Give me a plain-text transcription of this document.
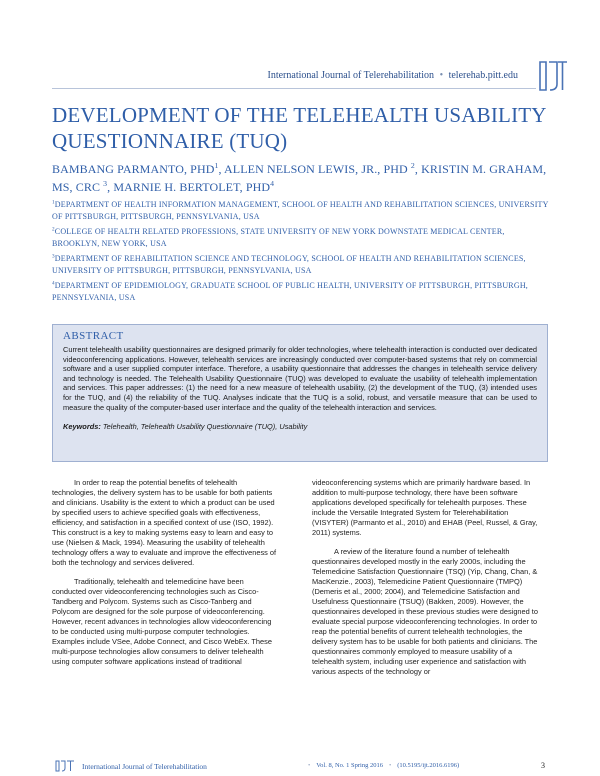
International Journal of Telerehabilitation • telerehab.pitt.edu
DEVELOPMENT OF THE TELEHEALTH USABILITY QUESTIONNAIRE (TUQ)
BAMBANG PARMANTO, PHD$^1$, ALLEN NELSON LEWIS, JR., PHD $^2$, KRISTIN M. GRAHAM, MS, CRC $^3$, MARNIE H. BERTOLET, PHD$^4$
$^1$DEPARTMENT OF HEALTH INFORMATION MANAGEMENT, SCHOOL OF HEALTH AND REHABILITATION SCIENCES, UNIVERSITY OF PITTSBURGH, PITTSBURGH, PENNSYLVANIA, USA
$^2$COLLEGE OF HEALTH RELATED PROFESSIONS, STATE UNIVERSITY OF NEW YORK DOWNSTATE MEDICAL CENTER, BROOKLYN, NEW YORK, USA
$^3$DEPARTMENT OF REHABILITATION SCIENCE AND TECHNOLOGY, SCHOOL OF HEALTH AND REHABILITATION SCIENCES, UNIVERSITY OF PITTSBURGH, PITTSBURGH, PENNSYLVANIA, USA
$^4$DEPARTMENT OF EPIDEMIOLOGY, GRADUATE SCHOOL OF PUBLIC HEALTH, UNIVERSITY OF PITTSBURGH, PITTSBURGH, PENNSYLVANIA, USA
ABSTRACT
Current telehealth usability questionnaires are designed primarily for older technologies, where telehealth interaction is conducted over dedicated videoconferencing applications. However, telehealth services are increasingly conducted over computer-based systems that rely on commercial software and a user supplied computer interface. Therefore, a usability questionnaire that addresses the changes in telehealth service delivery and technology is needed. The Telehealth Usability Questionnaire (TUQ) was developed to evaluate the usability of telehealth implementation and services. This paper addresses: (1) the need for a new measure of telehealth usability, (2) the development of the TUQ, (3) intended uses for the TUQ, and (4) the reliability of the TUQ. Analyses indicate that the TUQ is a solid, robust, and versatile measure that can be used to measure the quality of the computer-based user interface and the quality of the telehealth interaction and services.
Keywords: Telehealth, Telehealth Usability Questionnaire (TUQ), Usability

In order to reap the potential benefits of telehealth technologies, the delivery system has to be usable for both patients and clinicians. Usability is the extent to which a product can be used by specified users to achieve specified goals with effectiveness, efficiency, and satisfaction in a specified context of use (ISO, 1992). This construct is a key to making systems easy to learn and easy to use (Nielsen & Mack, 1994). Measuring the usability of telehealth technology offers a way to evaluate and improve the effectiveness of both the technology and services delivered.

Traditionally, telehealth and telemedicine have been conducted over videoconferencing technologies such as Cisco-Tandberg and Polycom. Systems such as Cisco-Tanberg and Polycom are designed for the sole purpose of videoconferencing. However, recent advances in technologies allow videoconferencing to be conducted using multi-purpose computer technologies. Examples include VSee, Adobe Connect, and Cisco WebEx. These multi-purpose technologies allow consumers to deliver telehealth using computer software applications instead of traditional

videoconferencing systems which are primarily hardware based. In addition to multi-purpose technology, there have been software applications developed specifically for telehealth purposes. These include the Versatile Integrated System for Telerehabilitation (VISYTER) (Parmanto et al., 2010) and EHAB (Peel, Russel, & Gray, 2011) systems.

A review of the literature found a number of telehealth questionnaires developed mostly in the early 2000s, including the Telemedicine Satisfaction Questionnaire (TSQ) (Yip, Chang, Chan, & MacKenzie., 2003), Telemedicine Patient Questionnaire (TMPQ) (Demeris et al., 2000; 2004), and Telemedicine Satisfaction and Usefulness Questionnaire (TSUQ) (Bakken, 2009). However, the questionnaires developed in these previous studies were designed to evaluate special purpose videoconferencing technologies. In order to reap the potential benefits of current telehealth technologies, the delivery system has to be usable for both patients and clinicians. The questionnaires commonly employed to measure usability of a telehealth system, including user experience and satisfaction with various aspects of the technology or

International Journal of Telerehabilitation	• Vol. 8, No. 1 Spring 2016 • (10.5195/ijt.2016.6196)	3
